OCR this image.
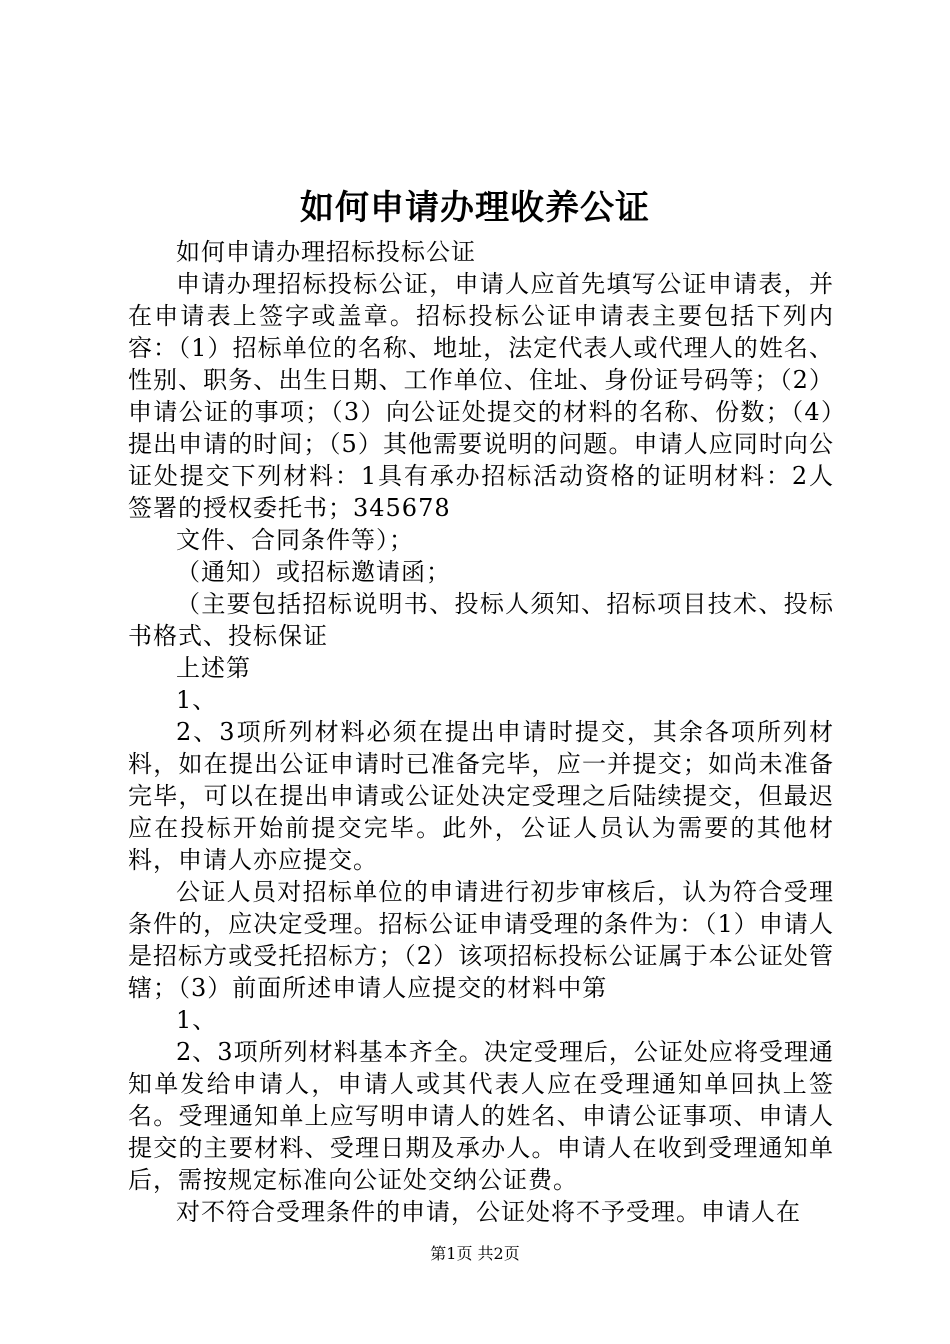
如何申请办理收养公证

如何申请办理招标投标公证

申请办理招标投标公证，申请人应首先填写公证申请表，并在申请表上签字或盖章。招标投标公证申请表主要包括下列内容：（1）招标单位的名称、地址，法定代表人或代理人的姓名、性别、职务、出生日期、工作单位、住址、身份证号码等；（2）申请公证的事项；（3）向公证处提交的材料的名称、份数；（4）提出申请的时间；（5）其他需要说明的问题。申请人应同时向公证处提交下列材料：1具有承办招标活动资格的证明材料：2人签署的授权委托书；345678

文件、合同条件等）；

（通知）或招标邀请函；

（主要包括招标说明书、投标人须知、招标项目技术、投标书格式、投标保证

上述第

1、

2、3项所列材料必须在提出申请时提交，其余各项所列材料，如在提出公证申请时已准备完毕，应一并提交；如尚未准备完毕，可以在提出申请或公证处决定受理之后陆续提交，但最迟应在投标开始前提交完毕。此外，公证人员认为需要的其他材料，申请人亦应提交。

公证人员对招标单位的申请进行初步审核后，认为符合受理条件的，应决定受理。招标公证申请受理的条件为：（1）申请人是招标方或受托招标方；（2）该项招标投标公证属于本公证处管辖；（3）前面所述申请人应提交的材料中第

1、

2、3项所列材料基本齐全。决定受理后，公证处应将受理通知单发给申请人，申请人或其代表人应在受理通知单回执上签名。受理通知单上应写明申请人的姓名、申请公证事项、申请人提交的主要材料、受理日期及承办人。申请人在收到受理通知单后，需按规定标准向公证处交纳公证费。

对不符合受理条件的申请，公证处将不予受理。申请人在

第1页 共2页
